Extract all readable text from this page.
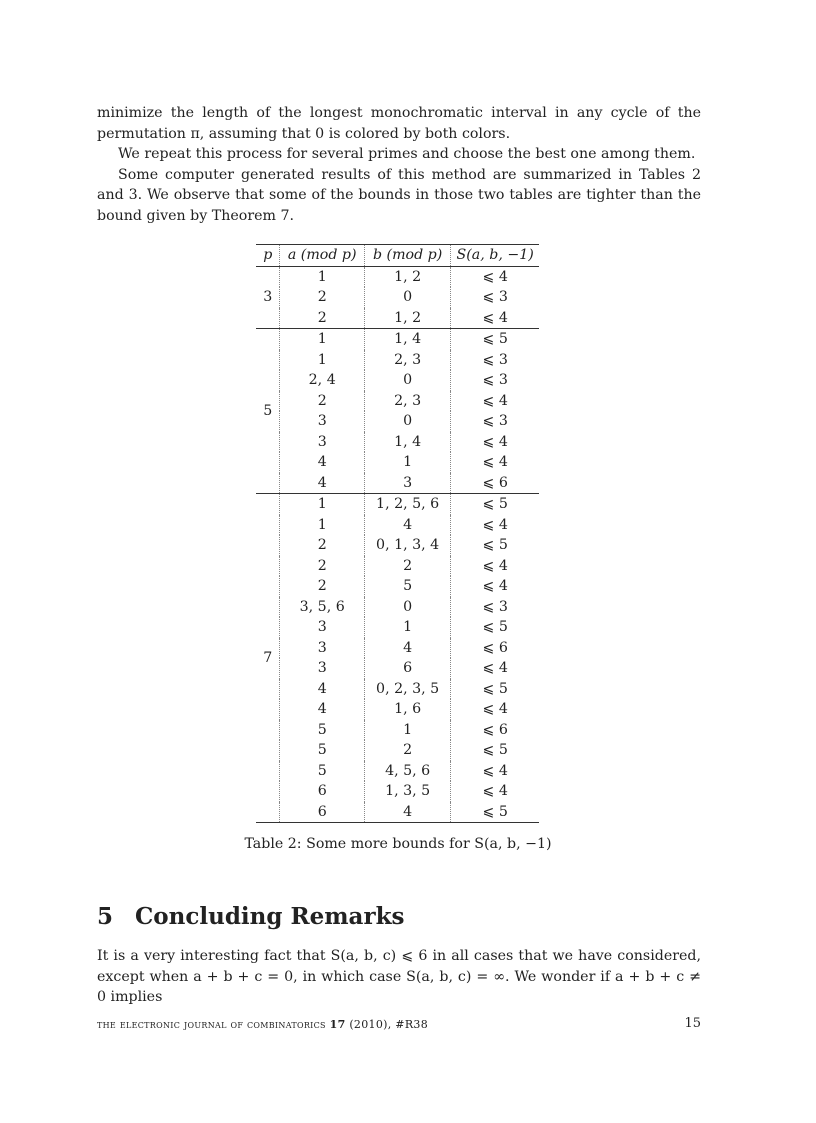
minimize the length of the longest monochromatic interval in any cycle of the permutation π, assuming that 0 is colored by both colors.

We repeat this process for several primes and choose the best one among them.

Some computer generated results of this method are summarized in Tables 2 and 3. We observe that some of the bounds in those two tables are tighter than the bound given by Theorem 7.

p	a (mod p)	b (mod p)	S(a, b, −1)
3	1	1, 2	⩽ 4
	2	0	⩽ 3
	2	1, 2	⩽ 4
5	1	1, 4	⩽ 5
	1	2, 3	⩽ 3
	2, 4	0	⩽ 3
	2	2, 3	⩽ 4
	3	0	⩽ 3
	3	1, 4	⩽ 4
	4	1	⩽ 4
	4	3	⩽ 6
7	1	1, 2, 5, 6	⩽ 5
	1	4	⩽ 4
	2	0, 1, 3, 4	⩽ 5
	2	2	⩽ 4
	2	5	⩽ 4
	3, 5, 6	0	⩽ 3
	3	1	⩽ 5
	3	4	⩽ 6
	3	6	⩽ 4
	4	0, 2, 3, 5	⩽ 5
	4	1, 6	⩽ 4
	5	1	⩽ 6
	5	2	⩽ 5
	5	4, 5, 6	⩽ 4
	6	1, 3, 5	⩽ 4
	6	4	⩽ 5
Table 2: Some more bounds for S(a, b, −1)
5 Concluding Remarks

It is a very interesting fact that S(a, b, c) ⩽ 6 in all cases that we have considered, except when a + b + c = 0, in which case S(a, b, c) = ∞. We wonder if a + b + c ≠ 0 implies

the electronic journal of combinatorics 17 (2010), #R38	15
